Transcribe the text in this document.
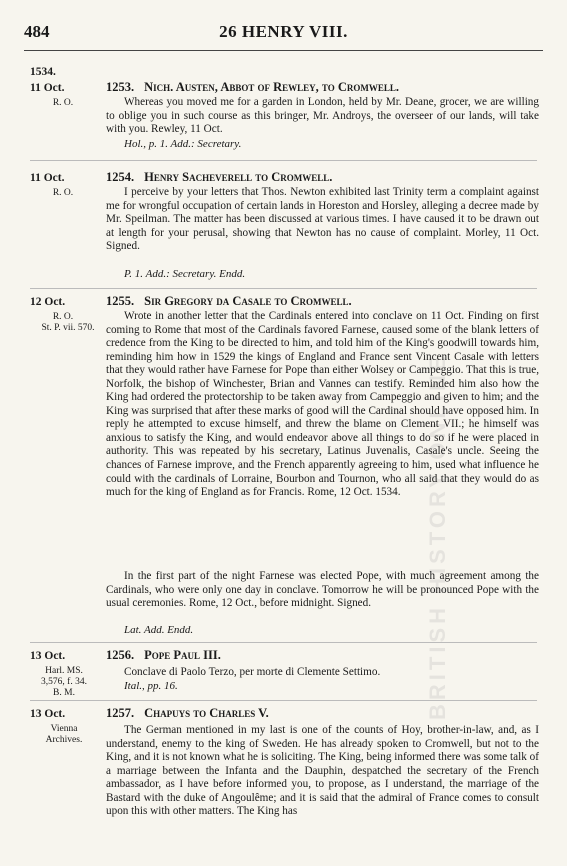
BRITISH HISTORY ONLINE
484	26 HENRY VIII.
1534.
11 Oct.
R. O.
1253. Nich. Austen, Abbot of Rewley, to Cromwell.
Whereas you moved me for a garden in London, held by Mr. Deane, grocer, we are willing to oblige you in such course as this bringer, Mr. Androys, the overseer of our lands, will take with you. Rewley, 11 Oct.
Hol., p. 1. Add.: Secretary.
11 Oct.
R. O.
1254. Henry Sacheverell to Cromwell.
I perceive by your letters that Thos. Newton exhibited last Trinity term a complaint against me for wrongful occupation of certain lands in Horeston and Horsley, alleging a decree made by Mr. Speilman. The matter has been discussed at various times. I have caused it to be drawn out at length for your perusal, showing that Newton has no cause of complaint. Morley, 11 Oct. Signed.
P. 1. Add.: Secretary. Endd.
12 Oct.
R. O.
St. P. vii. 570.
1255. Sir Gregory da Casale to Cromwell.
Wrote in another letter that the Cardinals entered into conclave on 11 Oct. Finding on first coming to Rome that most of the Cardinals favored Farnese, caused some of the blank letters of credence from the King to be directed to him, and told him of the King's goodwill towards him, reminding him how in 1529 the kings of England and France sent Vincent Casale with letters that they would rather have Farnese for Pope than either Wolsey or Campeggio. That this is true, Norfolk, the bishop of Winchester, Brian and Vannes can testify. Reminded him also how the King had ordered the protectorship to be taken away from Campeggio and given to him; and the King was surprised that after these marks of good will the Cardinal should have opposed him. In reply he attempted to excuse himself, and threw the blame on Clement VII.; he himself was anxious to satisfy the King, and would endeavor above all things to do so if he were placed in authority. This was repeated by his secretary, Latinus Juvenalis, Casale's uncle. Seeing the chances of Farnese improve, and the French apparently agreeing to him, used what influence he could with the cardinals of Lorraine, Bourbon and Tournon, who all said that they would do as much for the king of England as for Francis. Rome, 12 Oct. 1534.
In the first part of the night Farnese was elected Pope, with much agreement among the Cardinals, who were only one day in conclave. Tomorrow he will be pronounced Pope with the usual ceremonies. Rome, 12 Oct., before midnight. Signed.
Lat. Add. Endd.
13 Oct.
Harl. MS.
3,576, f. 34.
B. M.
1256. Pope Paul III.
Conclave di Paolo Terzo, per morte di Clemente Settimo.
Ital., pp. 16.
13 Oct.
Vienna
Archives.
1257. Chapuys to Charles V.
The German mentioned in my last is one of the counts of Hoy, brother-in-law, and, as I understand, enemy to the king of Sweden. He has already spoken to Cromwell, but not to the King, and it is not known what he is soliciting. The King, being informed there was some talk of a marriage between the Infanta and the Dauphin, despatched the secretary of the French ambassador, as I have before informed you, to propose, as I understand, the marriage of the Bastard with the duke of Angoulême; and it is said that the admiral of France comes to consult upon this with other matters. The King has
